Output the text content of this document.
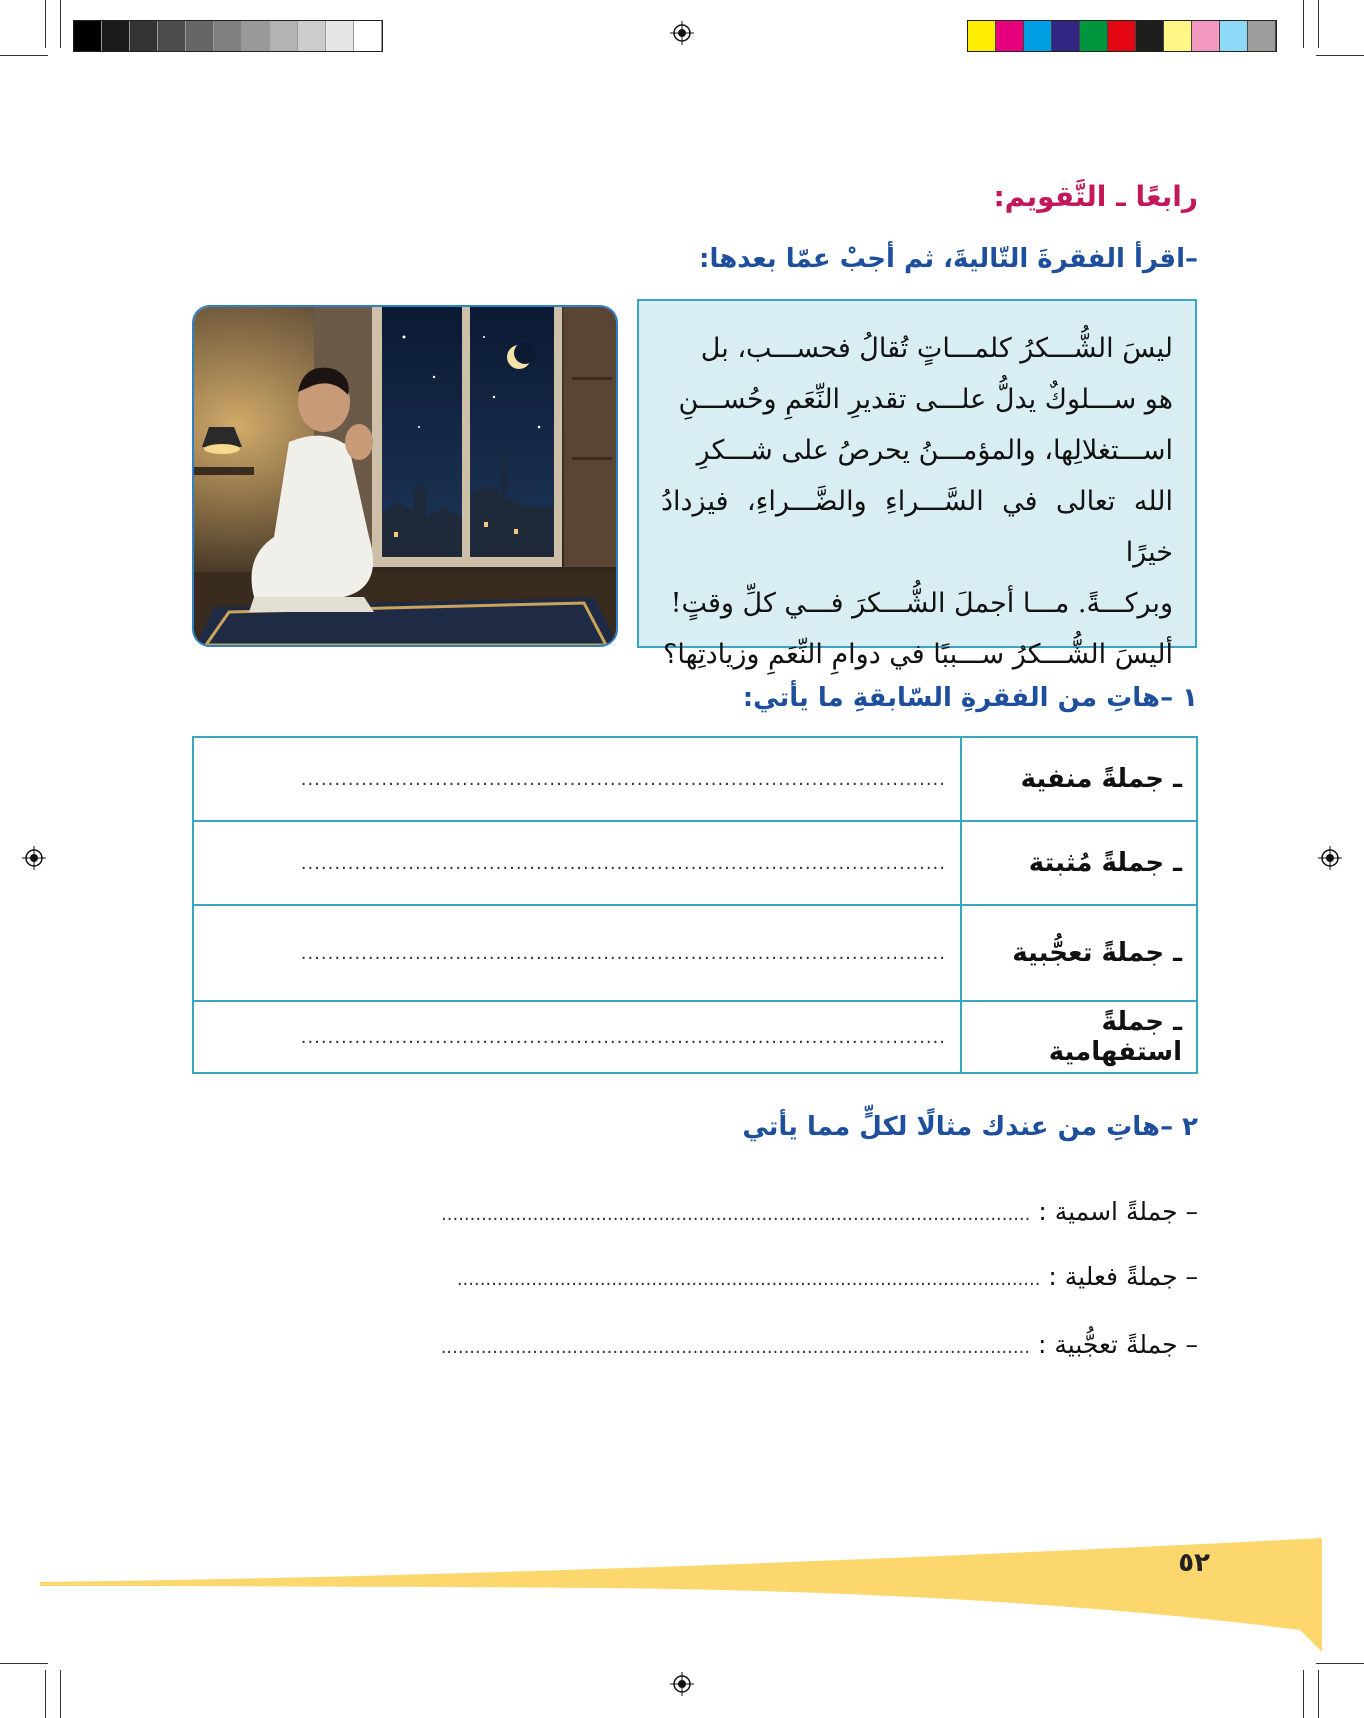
رابعًا ـ التَّقويم:
–اقرأ الفقرةَ التّاليةَ، ثم أجبْ عمّا بعدها:

ليسَ الشُّـــكرُ كلمـــاتٍ تُقالُ فحســـب، بل
هو ســـلوكٌ يدلُّ علـــى تقديرِ النِّعَمِ وحُســـنِ
اســـتغلالِها، والمؤمـــنُ يحرصُ على شـــكرِ
الله تعالى في السَّـــراءِ والضَّـــراءِ، فيزدادُ خيرًا
وبركـــةً. مـــا أجملَ الشُّـــكرَ فـــي كلِّ وقتٍ!
أليسَ الشُّـــكرُ ســـببًا في دوامِ النِّعَمِ وزيادتِها؟

١ –هاتِ من الفقرةِ السّابقةِ ما يأتي:
................................................................................................	ـ جملةً منفية
................................................................................................	ـ جملةً مُثبتة
................................................................................................	ـ جملةً تعجُّبية
................................................................................................	ـ جملةً استفهامية
٢ –هاتِ من عندك مثالًا لكلٍّ مما يأتي
– جملةً اسمية : .......................................................................................................
– جملةً فعلية : ......................................................................................................
– جملةً تعجُّبية : .......................................................................................................
٥٢
